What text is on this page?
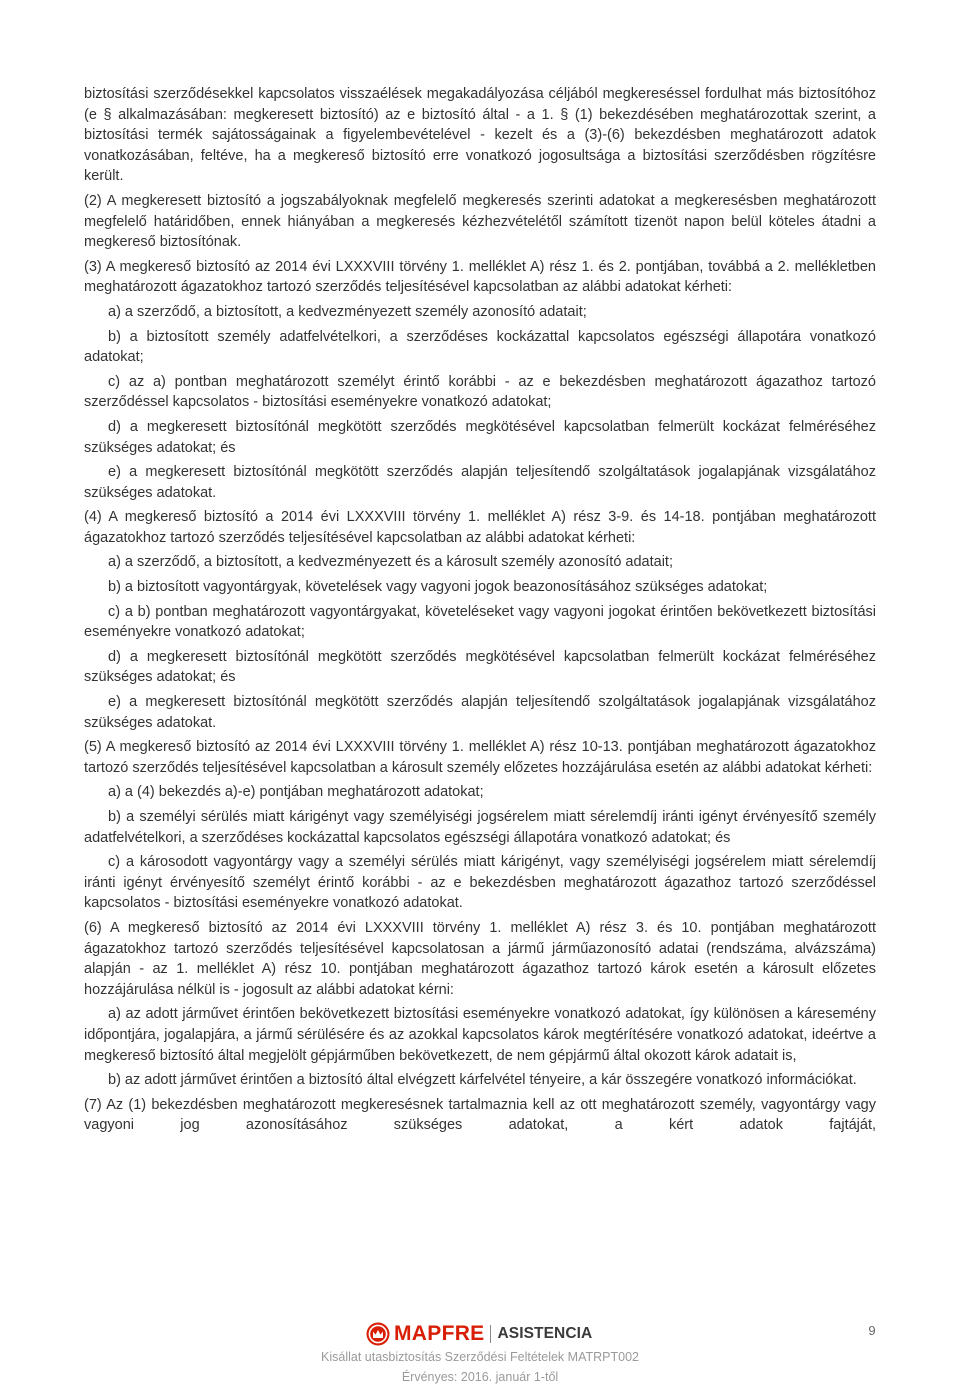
biztosítási szerződésekkel kapcsolatos visszaélések megakadályozása céljából megkereséssel fordulhat más biztosítóhoz (e § alkalmazásában: megkeresett biztosító) az e biztosító által - a 1. § (1) bekezdésében meghatározottak szerint, a biztosítási termék sajátosságainak a figyelembevételével - kezelt és a (3)-(6) bekezdésben meghatározott adatok vonatkozásában, feltéve, ha a megkereső biztosító erre vonatkozó jogosultsága a biztosítási szerződésben rögzítésre került.

(2) A megkeresett biztosító a jogszabályoknak megfelelő megkeresés szerinti adatokat a megkeresésben meghatározott megfelelő határidőben, ennek hiányában a megkeresés kézhezvételétől számított tizenöt napon belül köteles átadni a megkereső biztosítónak.

(3) A megkereső biztosító az 2014 évi LXXXVIII törvény 1. melléklet A) rész 1. és 2. pontjában, továbbá a 2. mellékletben meghatározott ágazatokhoz tartozó szerződés teljesítésével kapcsolatban az alábbi adatokat kérheti:

a) a szerződő, a biztosított, a kedvezményezett személy azonosító adatait;

b) a biztosított személy adatfelvételkori, a szerződéses kockázattal kapcsolatos egészségi állapotára vonatkozó adatokat;

c) az a) pontban meghatározott személyt érintő korábbi - az e bekezdésben meghatározott ágazathoz tartozó szerződéssel kapcsolatos - biztosítási eseményekre vonatkozó adatokat;

d) a megkeresett biztosítónál megkötött szerződés megkötésével kapcsolatban felmerült kockázat felméréséhez szükséges adatokat; és

e) a megkeresett biztosítónál megkötött szerződés alapján teljesítendő szolgáltatások jogalapjának vizsgálatához szükséges adatokat.

(4) A megkereső biztosító a 2014 évi LXXXVIII törvény 1. melléklet A) rész 3-9. és 14-18. pontjában meghatározott ágazatokhoz tartozó szerződés teljesítésével kapcsolatban az alábbi adatokat kérheti:

a) a szerződő, a biztosított, a kedvezményezett és a károsult személy azonosító adatait;

b) a biztosított vagyontárgyak, követelések vagy vagyoni jogok beazonosításához szükséges adatokat;

c) a b) pontban meghatározott vagyontárgyakat, követeléseket vagy vagyoni jogokat érintően bekövetkezett biztosítási eseményekre vonatkozó adatokat;

d) a megkeresett biztosítónál megkötött szerződés megkötésével kapcsolatban felmerült kockázat felméréséhez szükséges adatokat; és

e) a megkeresett biztosítónál megkötött szerződés alapján teljesítendő szolgáltatások jogalapjának vizsgálatához szükséges adatokat.

(5) A megkereső biztosító az 2014 évi LXXXVIII törvény 1. melléklet A) rész 10-13. pontjában meghatározott ágazatokhoz tartozó szerződés teljesítésével kapcsolatban a károsult személy előzetes hozzájárulása esetén az alábbi adatokat kérheti:

a) a (4) bekezdés a)-e) pontjában meghatározott adatokat;

b) a személyi sérülés miatt kárigényt vagy személyiségi jogsérelem miatt sérelemdíj iránti igényt érvényesítő személy adatfelvételkori, a szerződéses kockázattal kapcsolatos egészségi állapotára vonatkozó adatokat; és

c) a károsodott vagyontárgy vagy a személyi sérülés miatt kárigényt, vagy személyiségi jogsérelem miatt sérelemdíj iránti igényt érvényesítő személyt érintő korábbi - az e bekezdésben meghatározott ágazathoz tartozó szerződéssel kapcsolatos - biztosítási eseményekre vonatkozó adatokat.

(6) A megkereső biztosító az 2014 évi LXXXVIII törvény 1. melléklet A) rész 3. és 10. pontjában meghatározott ágazatokhoz tartozó szerződés teljesítésével kapcsolatosan a jármű járműazonosító adatai (rendszáma, alvázszáma) alapján - az 1. melléklet A) rész 10. pontjában meghatározott ágazathoz tartozó károk esetén a károsult előzetes hozzájárulása nélkül is - jogosult az alábbi adatokat kérni:

a) az adott járművet érintően bekövetkezett biztosítási eseményekre vonatkozó adatokat, így különösen a káresemény időpontjára, jogalapjára, a jármű sérülésére és az azokkal kapcsolatos károk megtérítésére vonatkozó adatokat, ideértve a megkereső biztosító által megjelölt gépjárműben bekövetkezett, de nem gépjármű által okozott károk adatait is,

b) az adott járművet érintően a biztosító által elvégzett kárfelvétel tényeire, a kár összegére vonatkozó információkat.

(7) Az (1) bekezdésben meghatározott megkeresésnek tartalmaznia kell az ott meghatározott személy, vagyontárgy vagy vagyoni jog azonosításához szükséges adatokat, a kért adatok fajtáját,

MAPFRE ASISTENCIA	9
Kisállat utasbiztosítás Szerződési Feltételek MATRPT002
Érvényes: 2016. január 1-től
